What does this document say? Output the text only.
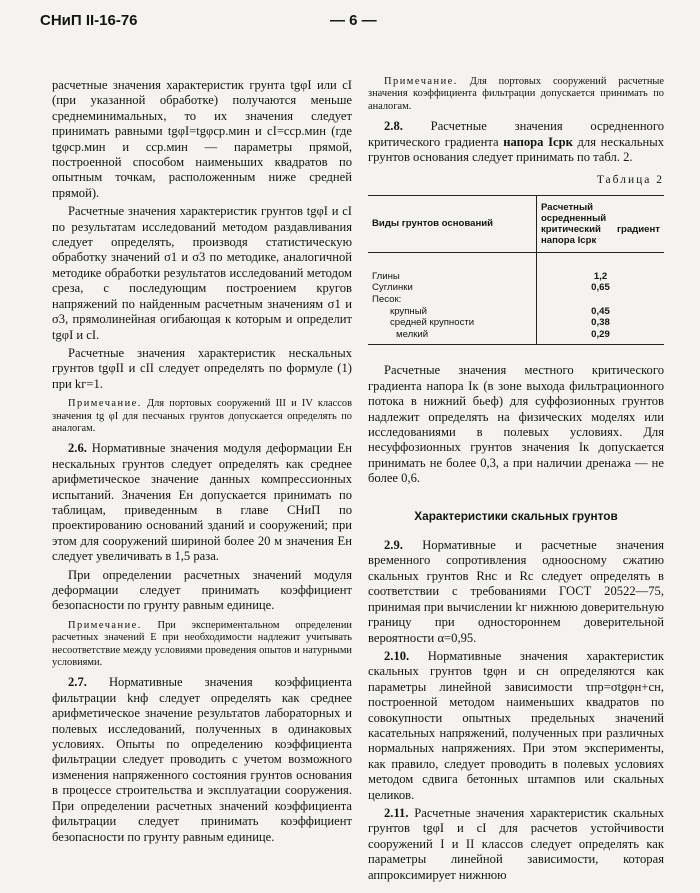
СНиП II-16-76	— 6 —

расчетные значения характеристик грунта tgφI или cI (при указанной обработке) получаются меньше среднеминимальных, то их значения следует принимать равными tgφI=tgφср.мин и cI=cср.мин (где tgφср.мин и cср.мин — параметры прямой, построенной способом наименьших квадратов по опытным точкам, расположенным ниже средней прямой).

Расчетные значения характеристик грунтов tgφI и cI по результатам исследований методом раздавливания следует определять, производя статистическую обработку значений σ1 и σ3 по методике, аналогичной методике обработки результатов исследований методом среза, с последующим построением кругов напряжений по найденным расчетным значениям σ1 и σ3, прямолинейная огибающая к которым и определит tgφI и cI.

Расчетные значения характеристик нескальных грунтов tgφII и cII следует определять по формуле (1) при kг=1.

Примечание. Для портовых сооружений III и IV классов значения tg φI для песчаных грунтов допускается определять по аналогам.

2.6. Нормативные значения модуля деформации Eн нескальных грунтов следует определять как среднее арифметическое значение данных компрессионных испытаний. Значения Eн допускается принимать по таблицам, приведенным в главе СНиП по проектированию оснований зданий и сооружений; при этом для сооружений шириной более 20 м значения Eн следует увеличивать в 1,5 раза.

При определении расчетных значений модуля деформации следует принимать коэффициент безопасности по грунту равным единице.

Примечание. При экспериментальном определении расчетных значений E при необходимости надлежит учитывать несоответствие между условиями проведения опытов и натурными условиями.

2.7. Нормативные значения коэффициента фильтрации kнф следует определять как среднее арифметическое значение результатов лабораторных и полевых исследований, полученных в одинаковых условиях. Опыты по определению коэффициента фильтрации следует проводить с учетом возможного изменения напряженного состояния грунтов основания в процессе строительства и эксплуатации сооружения. При определении расчетных значений коэффициента фильтрации следует принимать коэффициент безопасности по грунту равным единице.

Примечание. Для портовых сооружений расчетные значения коэффициента фильтрации допускается принимать по аналогам.

2.8. Расчетные значения осредненного критического градиента напора Iсрк для нескальных грунтов основания следует принимать по табл. 2.

Таблица 2

Виды грунтов оснований	Расчетный осредненный критический градиент напора Iсрк
Глины	1,2
Суглинки	0,65
Песок:	
крупный	0,45
средней крупности	0,38
мелкий	0,29

Расчетные значения местного критического градиента напора Iк (в зоне выхода фильтрационного потока в нижний бьеф) для суффозионных грунтов надлежит определять на физических моделях или исследованиями в полевых условиях. Для несуффозионных грунтов значения Iк допускается принимать не более 0,3, а при наличии дренажа — не более 0,6.

Характеристики скальных грунтов

2.9. Нормативные и расчетные значения временного сопротивления одноосному сжатию скальных грунтов Rнс и Rс следует определять в соответствии с требованиями ГОСТ 20522—75, принимая при вычислении kг нижнюю доверительную границу при одностороннем доверительной вероятности α=0,95.

2.10. Нормативные значения характеристик скальных грунтов tgφн и cн определяются как параметры линейной зависимости τпр=σtgφн+cн, построенной методом наименьших квадратов по совокупности опытных предельных значений касательных напряжений, полученных при различных нормальных напряжениях. При этом эксперименты, как правило, следует проводить в полевых условиях методом сдвига бетонных штампов или скальных целиков.

2.11. Расчетные значения характеристик скальных грунтов tgφI и cI для расчетов устойчивости сооружений I и II классов следует определять как параметры линейной зависимости, которая аппроксимирует нижнюю
